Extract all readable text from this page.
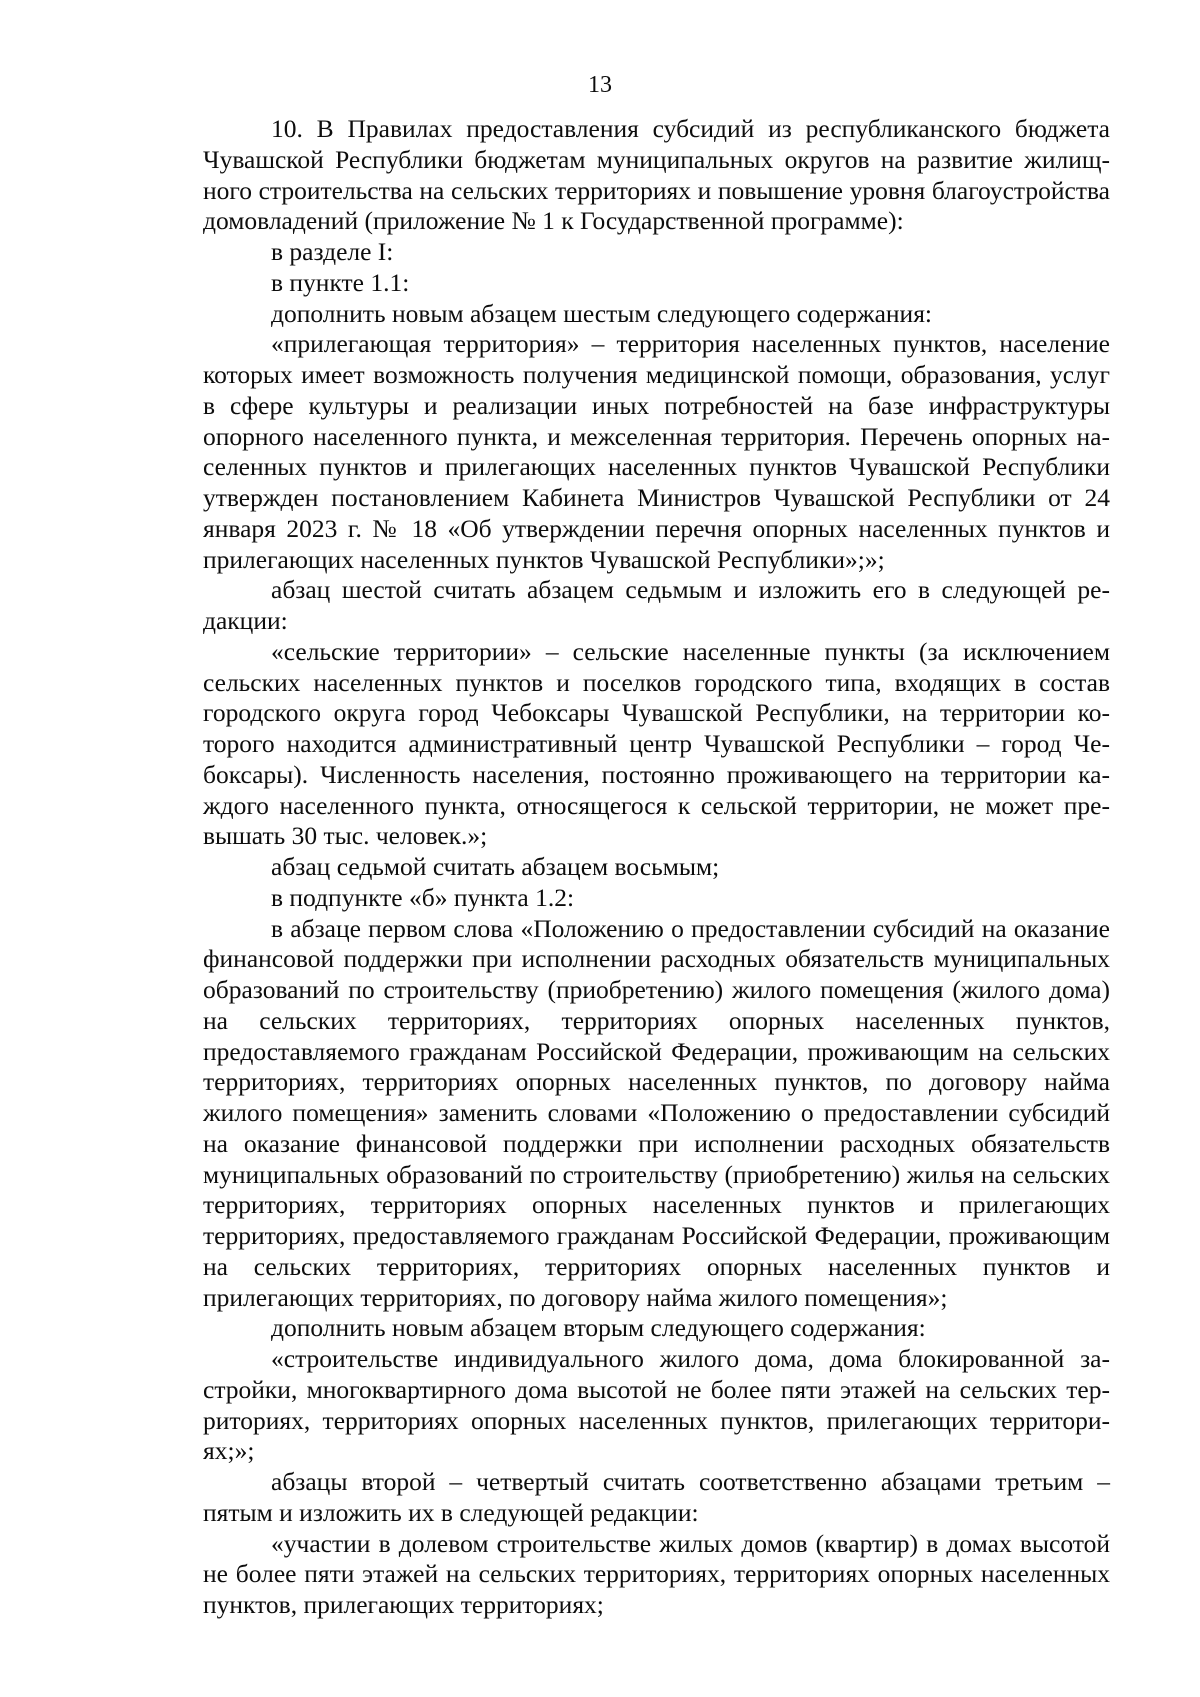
13

10. В Правилах предоставления субсидий из республиканского бюджета Чувашской Республики бюджетам муниципальных округов на развитие жилищного строительства на сельских территориях и повышение уровня благоустройства домовладений (приложение № 1 к Государственной программе):

в разделе I:

в пункте 1.1:

дополнить новым абзацем шестым следующего содержания:

«прилегающая территория» – территория населенных пунктов, население которых имеет возможность получения медицинской помощи, образования, услуг в сфере культуры и реализации иных потребностей на базе инфраструктуры опорного населенного пункта, и межселенная территория. Перечень опорных населенных пунктов и прилегающих населенных пунктов Чувашской Республики утвержден постановлением Кабинета Министров Чувашской Республики от 24 января 2023 г. № 18 «Об утверждении перечня опорных населенных пунктов и прилегающих населенных пунктов Чувашской Республики»;»;

абзац шестой считать абзацем седьмым и изложить его в следующей редакции:

«сельские территории» – сельские населенные пункты (за исключением сельских населенных пунктов и поселков городского типа, входящих в состав городского округа город Чебоксары Чувашской Республики, на территории которого находится административный центр Чувашской Республики – город Чебоксары). Численность населения, постоянно проживающего на территории каждого населенного пункта, относящегося к сельской территории, не может превышать 30 тыс. человек.»;

абзац седьмой считать абзацем восьмым;

в подпункте «б» пункта 1.2:

в абзаце первом слова «Положению о предоставлении субсидий на оказание финансовой поддержки при исполнении расходных обязательств муниципальных образований по строительству (приобретению) жилого помещения (жилого дома) на сельских территориях, территориях опорных населенных пунктов, предоставляемого гражданам Российской Федерации, проживающим на сельских территориях, территориях опорных населенных пунктов, по договору найма жилого помещения» заменить словами «Положению о предоставлении субсидий на оказание финансовой поддержки при исполнении расходных обязательств муниципальных образований по строительству (приобретению) жилья на сельских территориях, территориях опорных населенных пунктов и прилегающих территориях, предоставляемого гражданам Российской Федерации, проживающим на сельских территориях, территориях опорных населенных пунктов и прилегающих территориях, по договору найма жилого помещения»;

дополнить новым абзацем вторым следующего содержания:

«строительстве индивидуального жилого дома, дома блокированной застройки, многоквартирного дома высотой не более пяти этажей на сельских территориях, территориях опорных населенных пунктов, прилегающих территориях;»;

абзацы второй – четвертый считать соответственно абзацами третьим – пятым и изложить их в следующей редакции:

«участии в долевом строительстве жилых домов (квартир) в домах высотой не более пяти этажей на сельских территориях, территориях опорных населенных пунктов, прилегающих территориях;
